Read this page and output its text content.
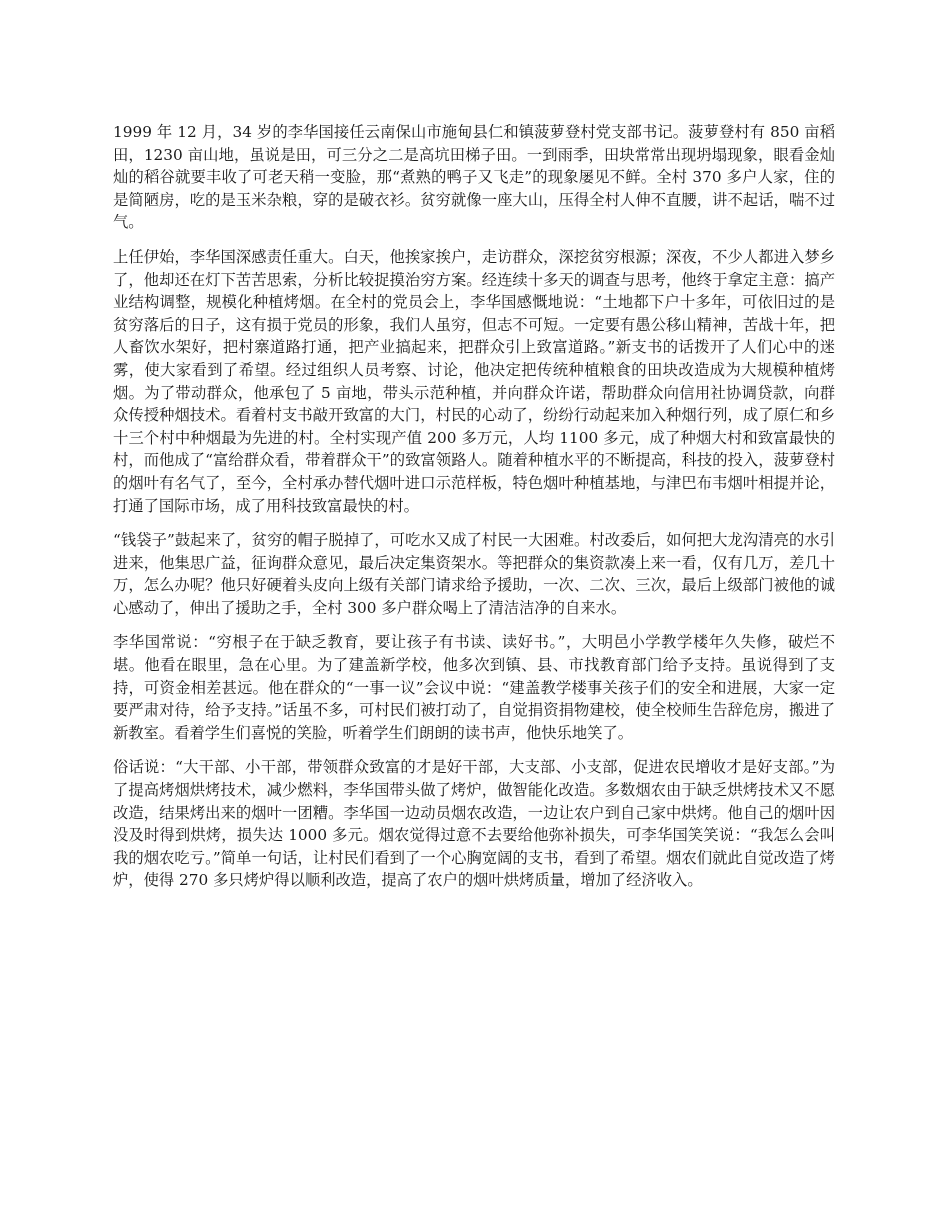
1999 年 12 月，34 岁的李华国接任云南保山市施甸县仁和镇菠萝登村党支部书记。菠萝登村有 850 亩稻田，1230 亩山地，虽说是田，可三分之二是高坑田梯子田。一到雨季，田块常常出现坍塌现象，眼看金灿灿的稻谷就要丰收了可老天稍一变脸，那“煮熟的鸭子又飞走”的现象屡见不鲜。全村 370 多户人家，住的是简陋房，吃的是玉米杂粮，穿的是破衣衫。贫穷就像一座大山，压得全村人伸不直腰，讲不起话，喘不过气。

上任伊始，李华国深感责任重大。白天，他挨家挨户，走访群众，深挖贫穷根源；深夜，不少人都进入梦乡了，他却还在灯下苦苦思索，分析比较捉摸治穷方案。经连续十多天的调查与思考，他终于拿定主意：搞产业结构调整，规模化种植烤烟。在全村的党员会上，李华国感慨地说：“土地都下户十多年，可依旧过的是贫穷落后的日子，这有损于党员的形象，我们人虽穷，但志不可短。一定要有愚公移山精神，苦战十年，把人畜饮水架好，把村寨道路打通，把产业搞起来，把群众引上致富道路。”新支书的话拨开了人们心中的迷雾，使大家看到了希望。经过组织人员考察、讨论，他决定把传统种植粮食的田块改造成为大规模种植烤烟。为了带动群众，他承包了 5 亩地，带头示范种植，并向群众许诺，帮助群众向信用社协调贷款，向群众传授种烟技术。看着村支书敲开致富的大门，村民的心动了，纷纷行动起来加入种烟行列，成了原仁和乡十三个村中种烟最为先进的村。全村实现产值 200 多万元，人均 1100 多元，成了种烟大村和致富最快的村，而他成了“富给群众看，带着群众干”的致富领路人。随着种植水平的不断提高，科技的投入，菠萝登村的烟叶有名气了，至今，全村承办替代烟叶进口示范样板，特色烟叶种植基地，与津巴布韦烟叶相提并论，打通了国际市场，成了用科技致富最快的村。

“钱袋子”鼓起来了，贫穷的帽子脱掉了，可吃水又成了村民一大困难。村改委后，如何把大龙沟清亮的水引进来，他集思广益，征询群众意见，最后决定集资架水。等把群众的集资款凑上来一看，仅有几万，差几十万，怎么办呢？他只好硬着头皮向上级有关部门请求给予援助，一次、二次、三次，最后上级部门被他的诚心感动了，伸出了援助之手，全村 300 多户群众喝上了清洁洁净的自来水。

李华国常说：“穷根子在于缺乏教育，要让孩子有书读、读好书。”，大明邑小学教学楼年久失修，破烂不堪。他看在眼里，急在心里。为了建盖新学校，他多次到镇、县、市找教育部门给予支持。虽说得到了支持，可资金相差甚远。他在群众的“一事一议”会议中说：“建盖教学楼事关孩子们的安全和进展，大家一定要严肃对待，给予支持。”话虽不多，可村民们被打动了，自觉捐资捐物建校，使全校师生告辞危房，搬进了新教室。看着学生们喜悦的笑脸，听着学生们朗朗的读书声，他快乐地笑了。

俗话说：“大干部、小干部，带领群众致富的才是好干部，大支部、小支部，促进农民增收才是好支部。”为了提高烤烟烘烤技术，减少燃料，李华国带头做了烤炉，做智能化改造。多数烟农由于缺乏烘烤技术又不愿改造，结果烤出来的烟叶一团糟。李华国一边动员烟农改造，一边让农户到自己家中烘烤。他自己的烟叶因没及时得到烘烤，损失达 1000 多元。烟农觉得过意不去要给他弥补损失，可李华国笑笑说：“我怎么会叫我的烟农吃亏。”简单一句话，让村民们看到了一个心胸宽阔的支书，看到了希望。烟农们就此自觉改造了烤炉，使得 270 多只烤炉得以顺利改造，提高了农户的烟叶烘烤质量，增加了经济收入。
